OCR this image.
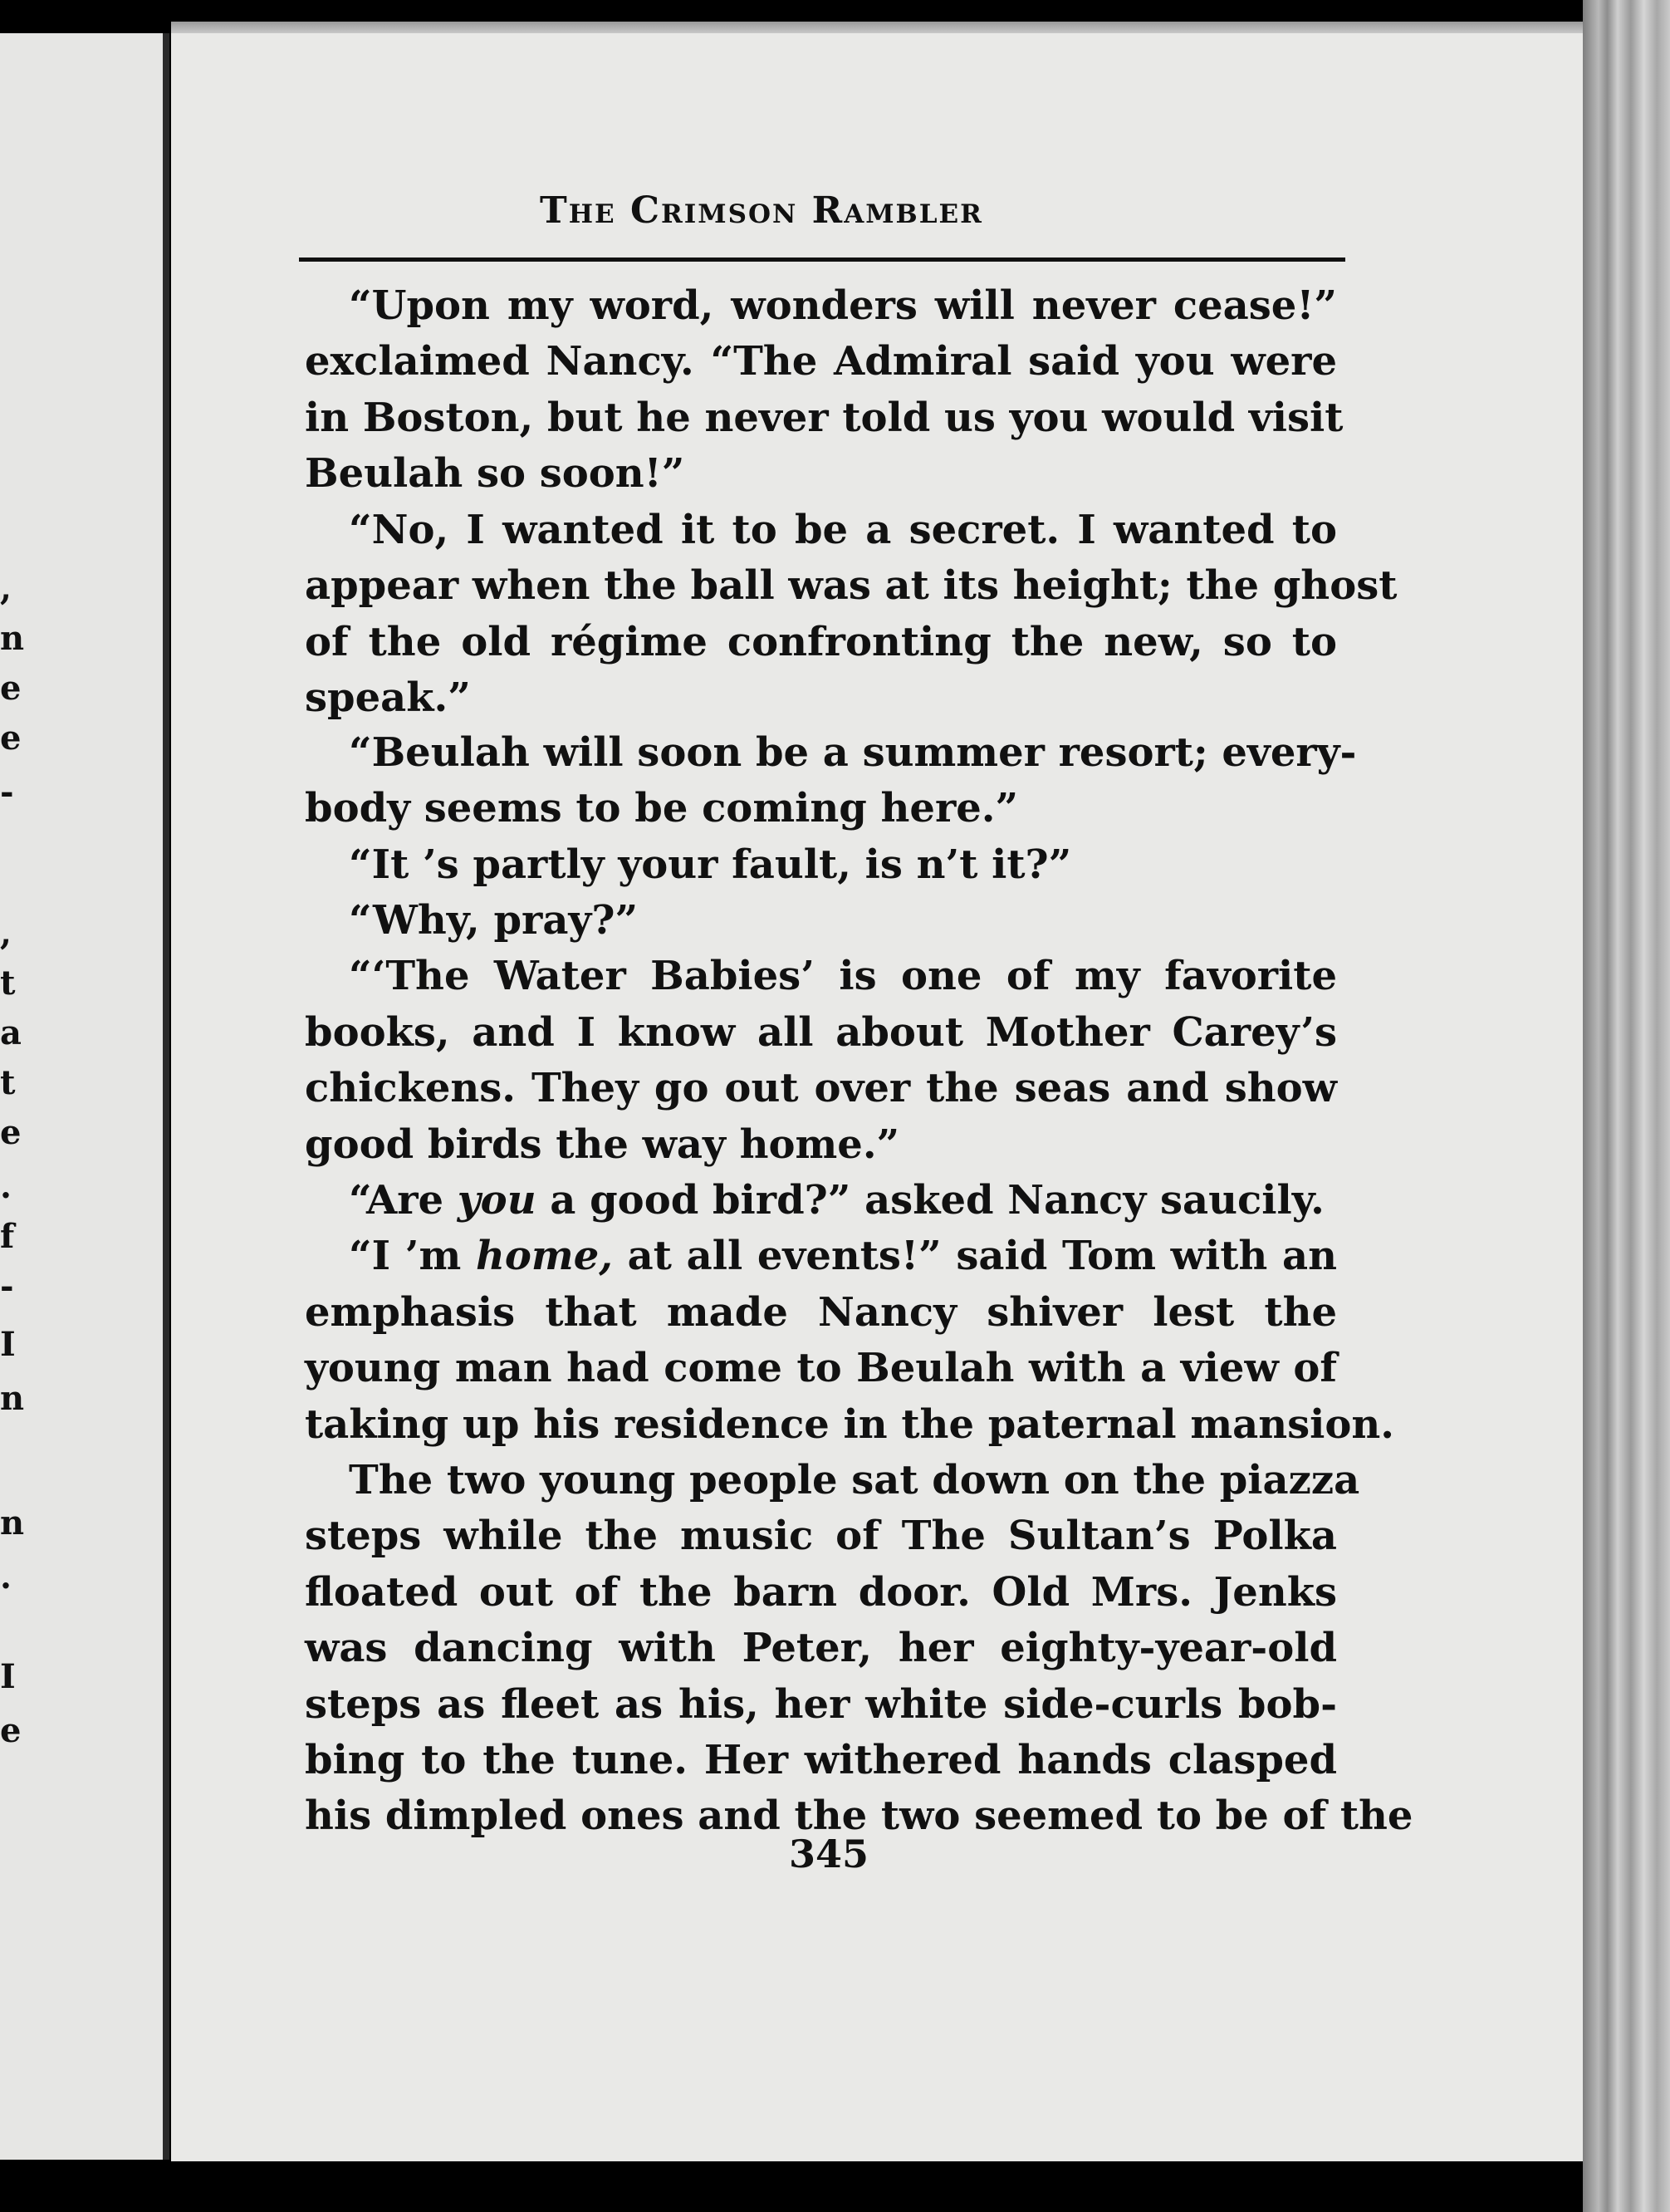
,
n
e
e
-
,
t
a
t
e
.
f
-
I
n
n
.
I
e
The Crimson Rambler
“Upon my word, wonders will never cease!”
exclaimed Nancy. “The Admiral said you were
in Boston, but he never told us you would visit
Beulah so soon!”
“No, I wanted it to be a secret. I wanted to
appear when the ball was at its height; the ghost
of the old régime confronting the new, so to
speak.”
“Beulah will soon be a summer resort; every-
body seems to be coming here.”
“It ’s partly your fault, is n’t it?”
“Why, pray?”
“‘The Water Babies’ is one of my favorite
books, and I know all about Mother Carey’s
chickens. They go out over the seas and show
good birds the way home.”
“Are you a good bird?” asked Nancy saucily.
“I ’m home, at all events!” said Tom with an
emphasis that made Nancy shiver lest the
young man had come to Beulah with a view of
taking up his residence in the paternal mansion.
The two young people sat down on the piazza
steps while the music of The Sultan’s Polka
floated out of the barn door. Old Mrs. Jenks
was dancing with Peter, her eighty-year-old
steps as fleet as his, her white side-curls bob-
bing to the tune. Her withered hands clasped
his dimpled ones and the two seemed to be of the
345
